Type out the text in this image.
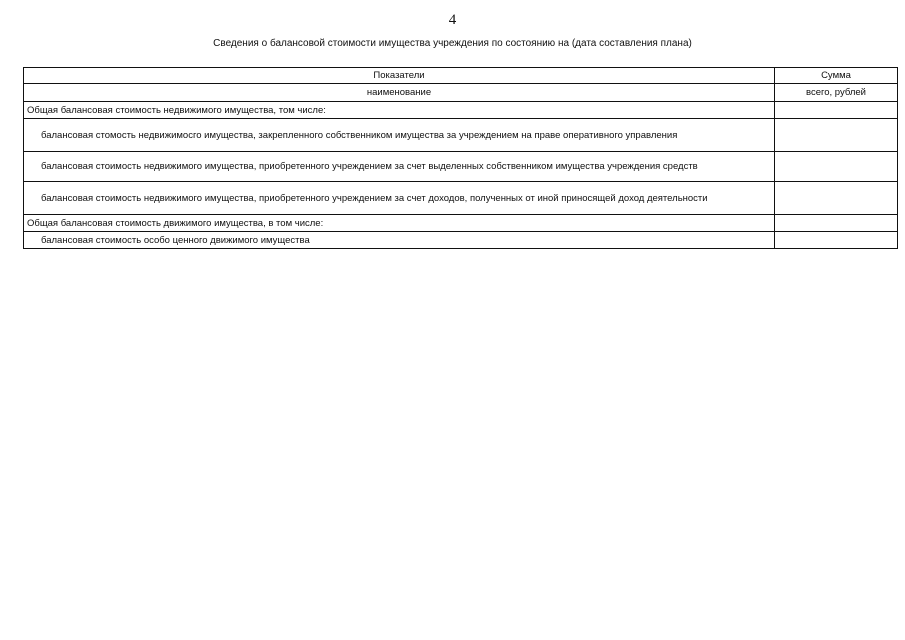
4
Сведения о балансовой стоимости имущества учреждения по состоянию на (дата составления плана)
Показатели	Сумма
наименование	всего, рублей
Общая балансовая стоимость недвижимого имущества, том числе:	
балансовая стомость недвижимосго имущества, закрепленного собственником имущества за учреждением на праве оперативного управления	
балансовая стоимость недвижимого имущества, приобретенного учреждением за счет выделенных собственником имущества учреждения средств	
балансовая стоимость недвижимого имущества, приобретенного учреждением за счет доходов, полученных от иной приносящей доход деятельности	
Общая балансовая стоимость движимого имущества, в том числе:	
балансовая стоимость особо ценного движимого имущества	
